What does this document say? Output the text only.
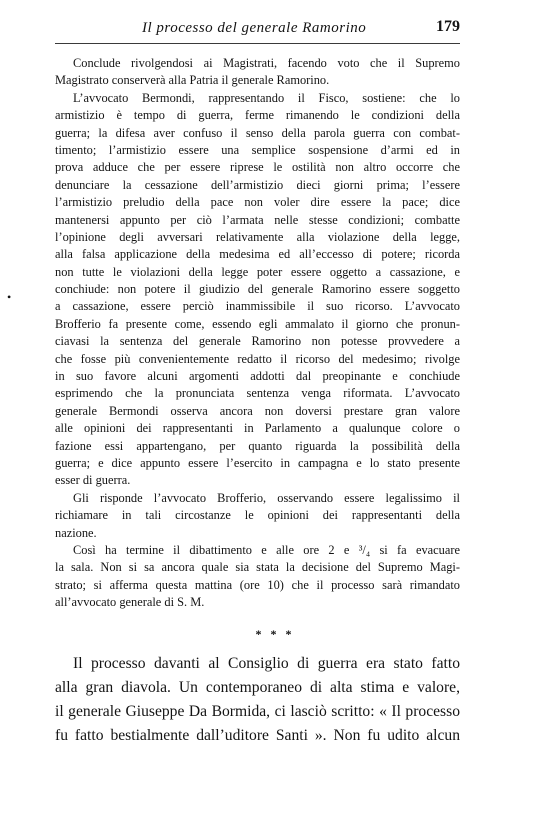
Il processo del generale Ramorino	179
Conclude rivolgendosi ai Magistrati, facendo voto che il Supremo
Magistrato conserverà alla Patria il generale Ramorino.
L’avvocato Bermondi, rappresentando il Fisco, sostiene: che lo
armistizio è tempo di guerra, ferme rimanendo le condizioni della
guerra; la difesa aver confuso il senso della parola guerra con combat-
timento; l’armistizio essere una semplice sospensione d’armi ed in
prova adduce che per essere riprese le ostilità non altro occorre che
denunciare la cessazione dell’armistizio dieci giorni prima; l’essere
l’armistizio preludio della pace non voler dire essere la pace; dice
mantenersi appunto per ciò l’armata nelle stesse condizioni; combatte
l’opinione degli avversari relativamente alla violazione della legge,
alla falsa applicazione della medesima ed all’eccesso di potere; ricorda
non tutte le violazioni della legge poter essere oggetto a cassazione, e
conchiude: non potere il giudizio del generale Ramorino essere soggetto
a cassazione, essere perciò inammissibile il suo ricorso. L’avvocato
Brofferio fa presente come, essendo egli ammalato il giorno che pronun-
ciavasi la sentenza del generale Ramorino non potesse provvedere a
che fosse più convenientemente redatto il ricorso del medesimo; rivolge
in suo favore alcuni argomenti addotti dal preopinante e conchiude
esprimendo che la pronunciata sentenza venga riformata. L’avvocato
generale Bermondi osserva ancora non doversi prestare gran valore
alle opinioni dei rappresentanti in Parlamento a qualunque colore o
fazione essi appartengano, per quanto riguarda la possibilità della
guerra; e dice appunto essere l’esercito in campagna e lo stato presente
esser di guerra.
Gli risponde l’avvocato Brofferio, osservando essere legalissimo il
richiamare in tali circostanze le opinioni dei rappresentanti della
nazione.
Così ha termine il dibattimento e alle ore 2 e ³/₄ si fa evacuare
la sala. Non si sa ancora quale sia stata la decisione del Supremo Magi-
strato; si afferma questa mattina (ore 10) che il processo sarà rimandato
all’avvocato generale di S. M.
* * *
Il processo davanti al Consiglio di guerra era stato fatto
alla gran diavola. Un contemporaneo di alta stima e valore,
il generale Giuseppe Da Bormida, ci lasciò scritto: « Il processo
fu fatto bestialmente dall’uditore Santi ». Non fu udito alcun
•
